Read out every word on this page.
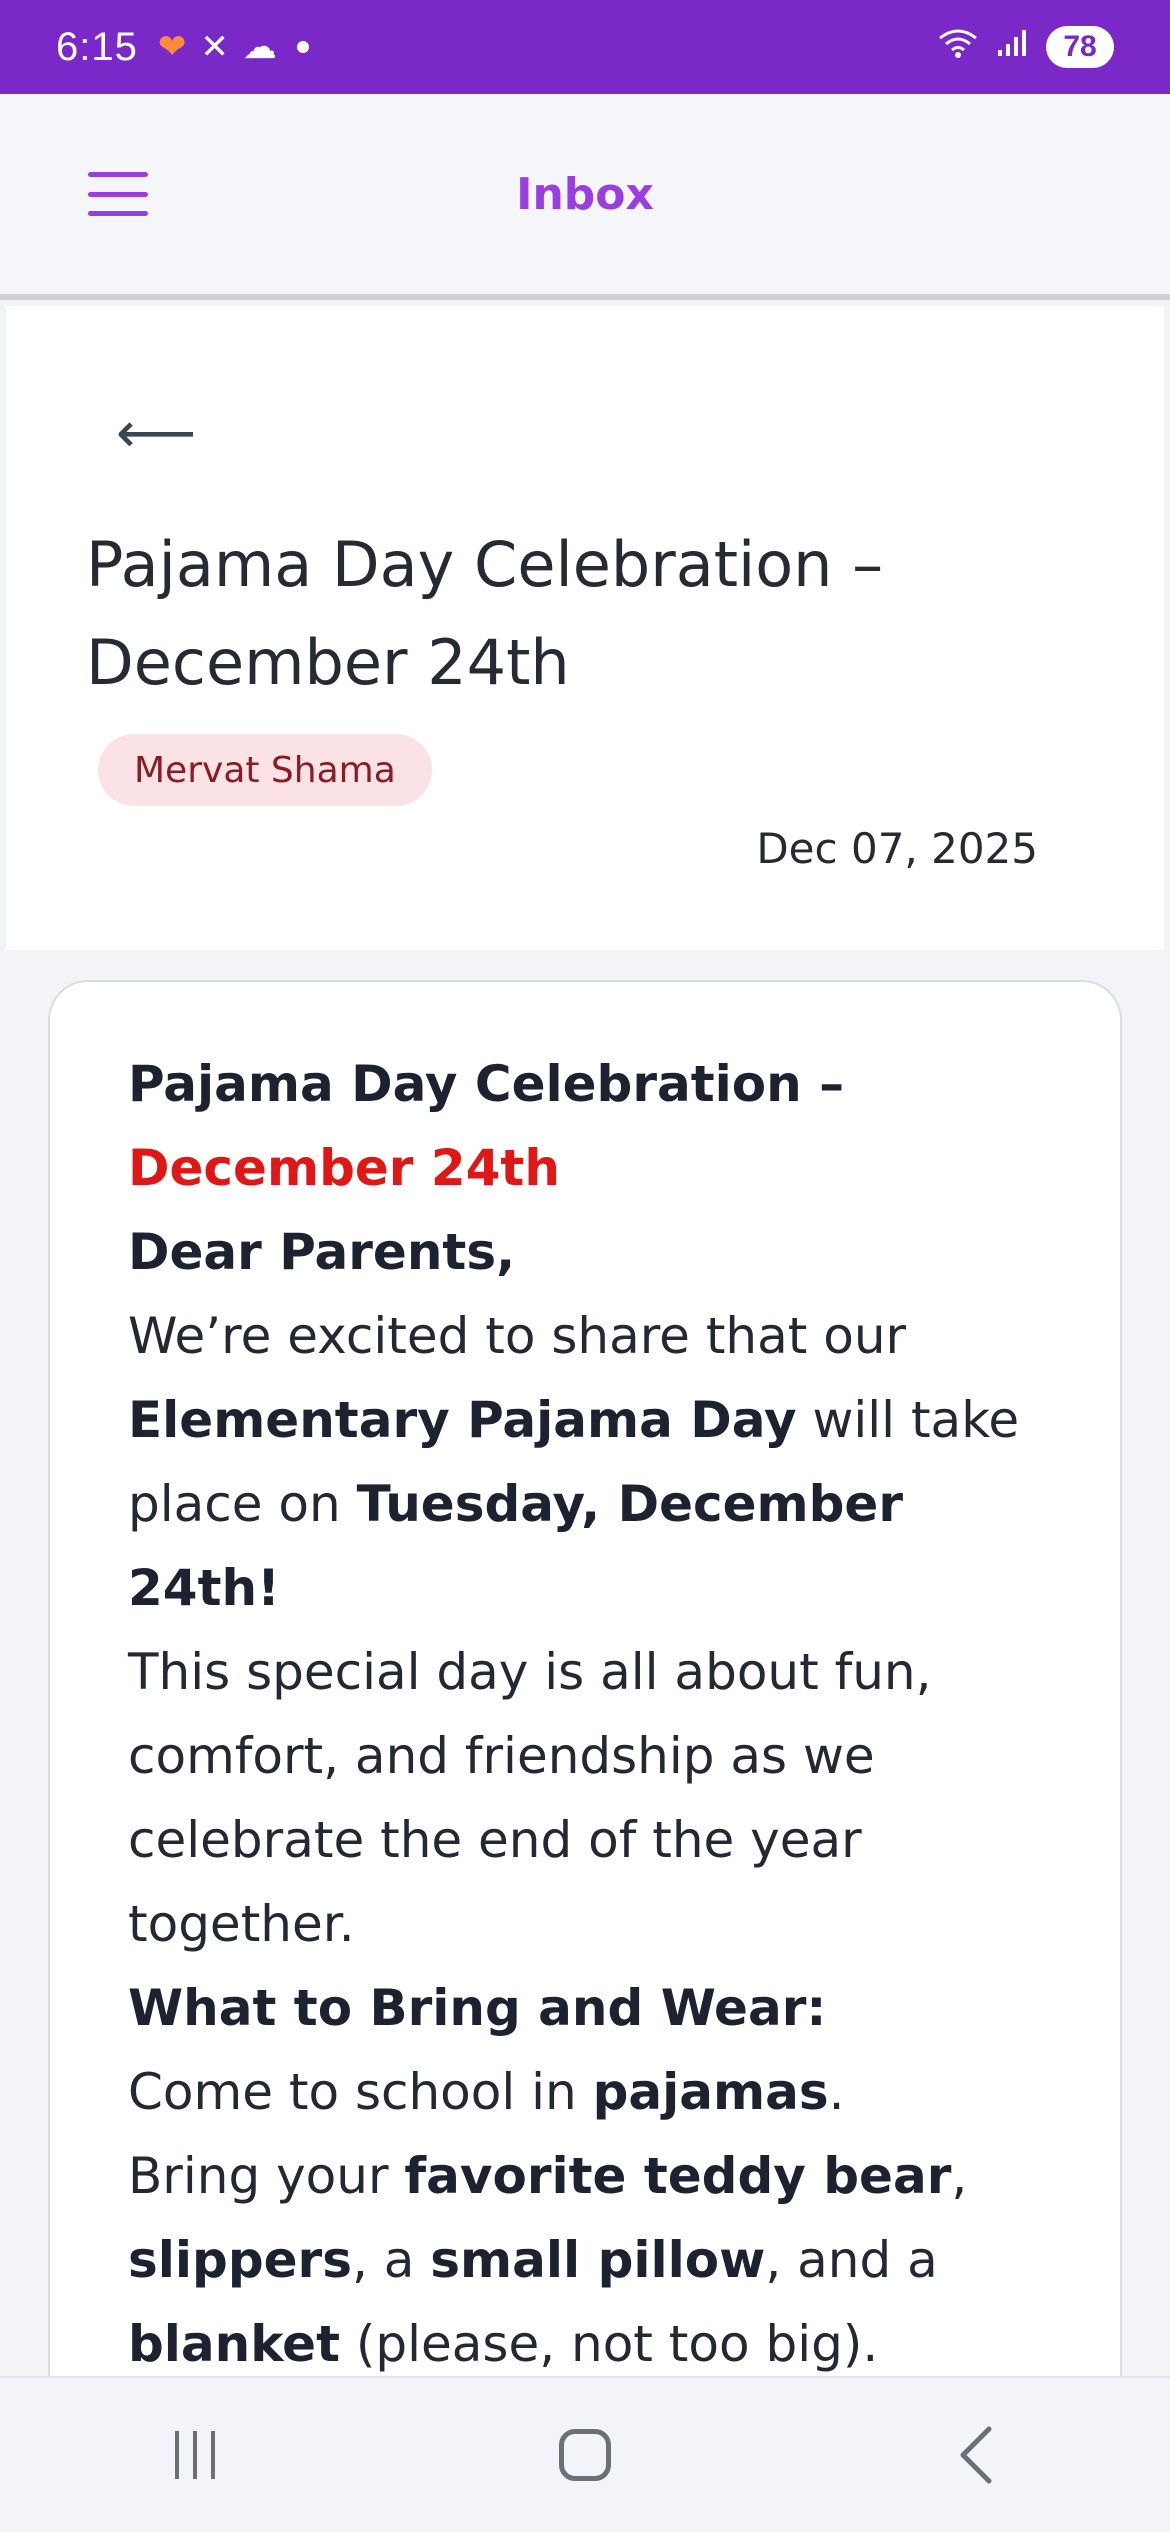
6:15 ❤ ✕ ☁	78
Inbox
⟵
Pajama Day Celebration – December 24th
Mervat Shama
Dec 07, 2025

Pajama Day Celebration –
December 24th

Dear Parents,

We’re excited to share that our Elementary Pajama Day will take place on Tuesday, December 24th!

This special day is all about fun, comfort, and friendship as we celebrate the end of the year together.

What to Bring and Wear:

Come to school in pajamas.

Bring your favorite teddy bear, slippers, a small pillow, and a blanket (please, not too big).
